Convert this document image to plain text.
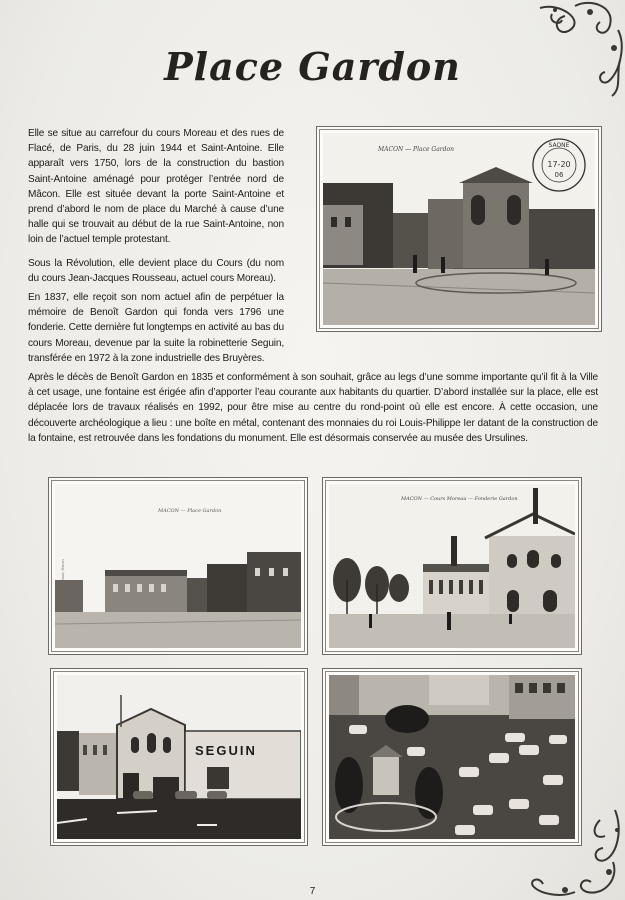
Place Gardon

Elle se situe au carrefour du cours Moreau et des rues de Flacé, de Paris, du 28 juin 1944 et Saint-Antoine. Elle apparaît vers 1750, lors de la construction du bastion Saint-Antoine aménagé pour protéger l’entrée nord de Mâcon. Elle est située devant la porte Saint-Antoine et prend d’abord le nom de place du Marché à cause d’une halle qui se trouvait au début de la rue Saint-Antoine, non loin de l’actuel temple protestant.

Sous la Révolution, elle devient place du Cours (du nom du cours Jean-Jacques Rousseau, actuel cours Moreau).

En 1837, elle reçoit son nom actuel afin de perpétuer la mémoire de Benoît Gardon qui fonda vers 1796 une fonderie. Cette dernière fut longtemps en activité au bas du cours Moreau, devenue par la suite la robinetterie Seguin, transférée en 1972 à la zone industrielle des Bruyères.

Après le décès de Benoît Gardon en 1835 et conformément à son souhait, grâce au legs d’une somme importante qu’il fit à la Ville à cet usage, une fontaine est érigée afin d’apporter l’eau courante aux habitants du quartier. D’abord installée sur la place, elle est déplacée lors de travaux réalisés en 1992, pour être mise au centre du rond-point où elle est encore. À cette occasion, une découverte archéologique a lieu : une boîte en métal, contenant des monnaies du roi Louis-Philippe Ier datant de la construction de la fontaine, est retrouvée dans les fondations du monument. Elle est désormais conservée au musée des Ursulines.

MACON — Place Gardon
SAONE
17-20
06
MACON — Place Gardon
MACON — Cours Moreau — Fonderie Gardon
SEGUIN
7
